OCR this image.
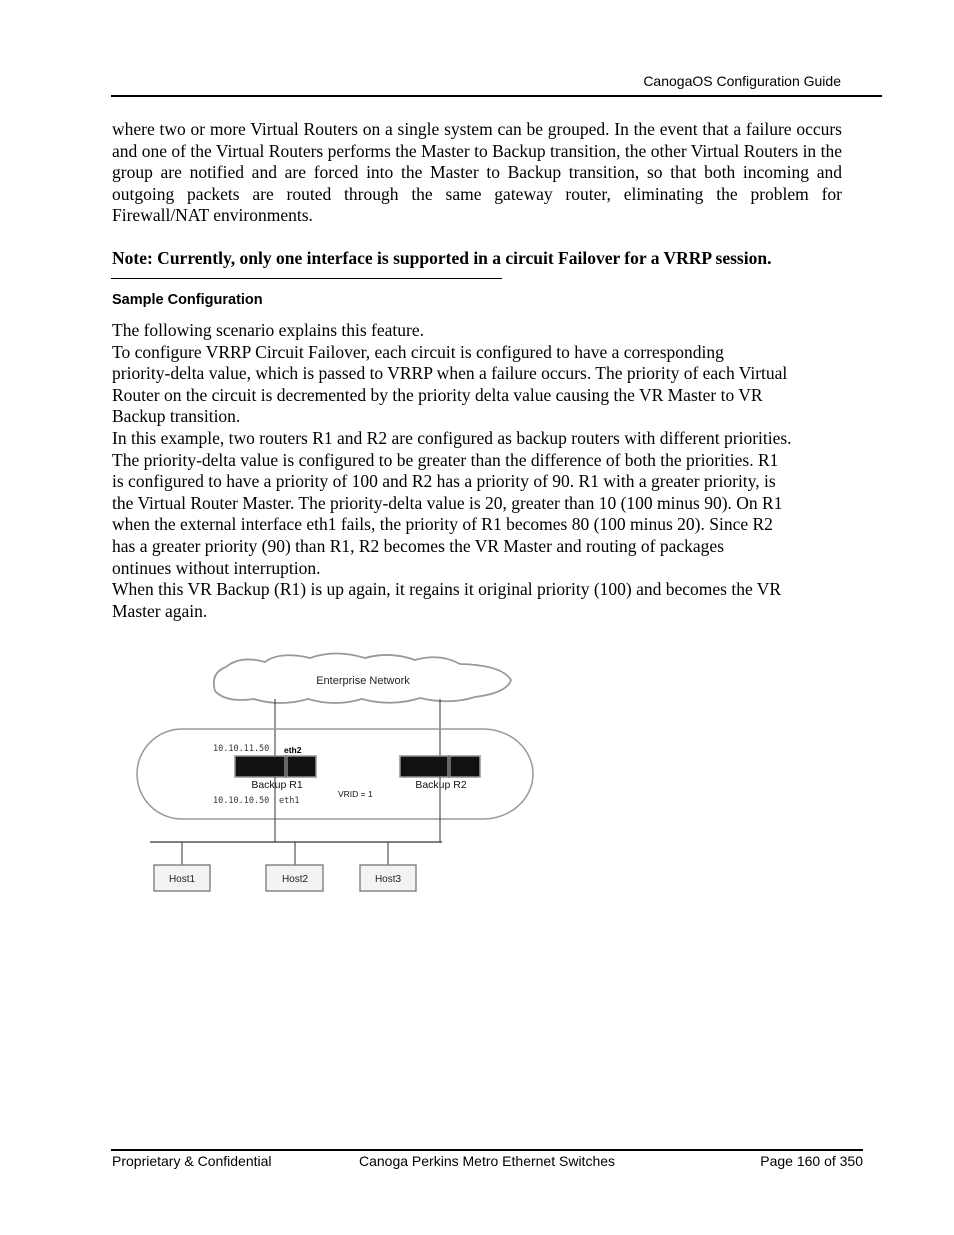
CanogaOS Configuration Guide
where two or more Virtual Routers on a single system can be grouped. In the event that a failure occurs and one of the Virtual Routers performs the Master to Backup transition, the other Virtual Routers in the group are notified and are forced into the Master to Backup transition, so that both incoming and outgoing packets are routed through the same gateway router, eliminating the problem for Firewall/NAT environments.
Note: Currently, only one interface is supported in a circuit Failover for a VRRP session.
Sample Configuration
The following scenario explains this feature.
To configure VRRP Circuit Failover, each circuit is configured to have a corresponding
priority-delta value, which is passed to VRRP when a failure occurs. The priority of each Virtual
Router on the circuit is decremented by the priority delta value causing the VR Master to VR
Backup transition.
In this example, two routers R1 and R2 are configured as backup routers with different priorities.
The priority-delta value is configured to be greater than the difference of both the priorities. R1
is configured to have a priority of 100 and R2 has a priority of 90. R1 with a greater priority, is
the Virtual Router Master. The priority-delta value is 20, greater than 10 (100 minus 90). On R1
when the external interface eth1 fails, the priority of R1 becomes 80 (100 minus 20). Since R2
has a greater priority (90) than R1, R2 becomes the VR Master and routing of packages
ontinues without interruption.
When this VR Backup (R1) is up again, it regains it original priority (100) and becomes the VR
Master again.
Enterprise Network
10.10.11.50 eth2
Backup R1
10.10.10.50 eth1
Backup R2
VRID = 1
Host1	Host2	Host3
Proprietary & Confidential	Canoga Perkins Metro Ethernet Switches	Page 160 of 350
